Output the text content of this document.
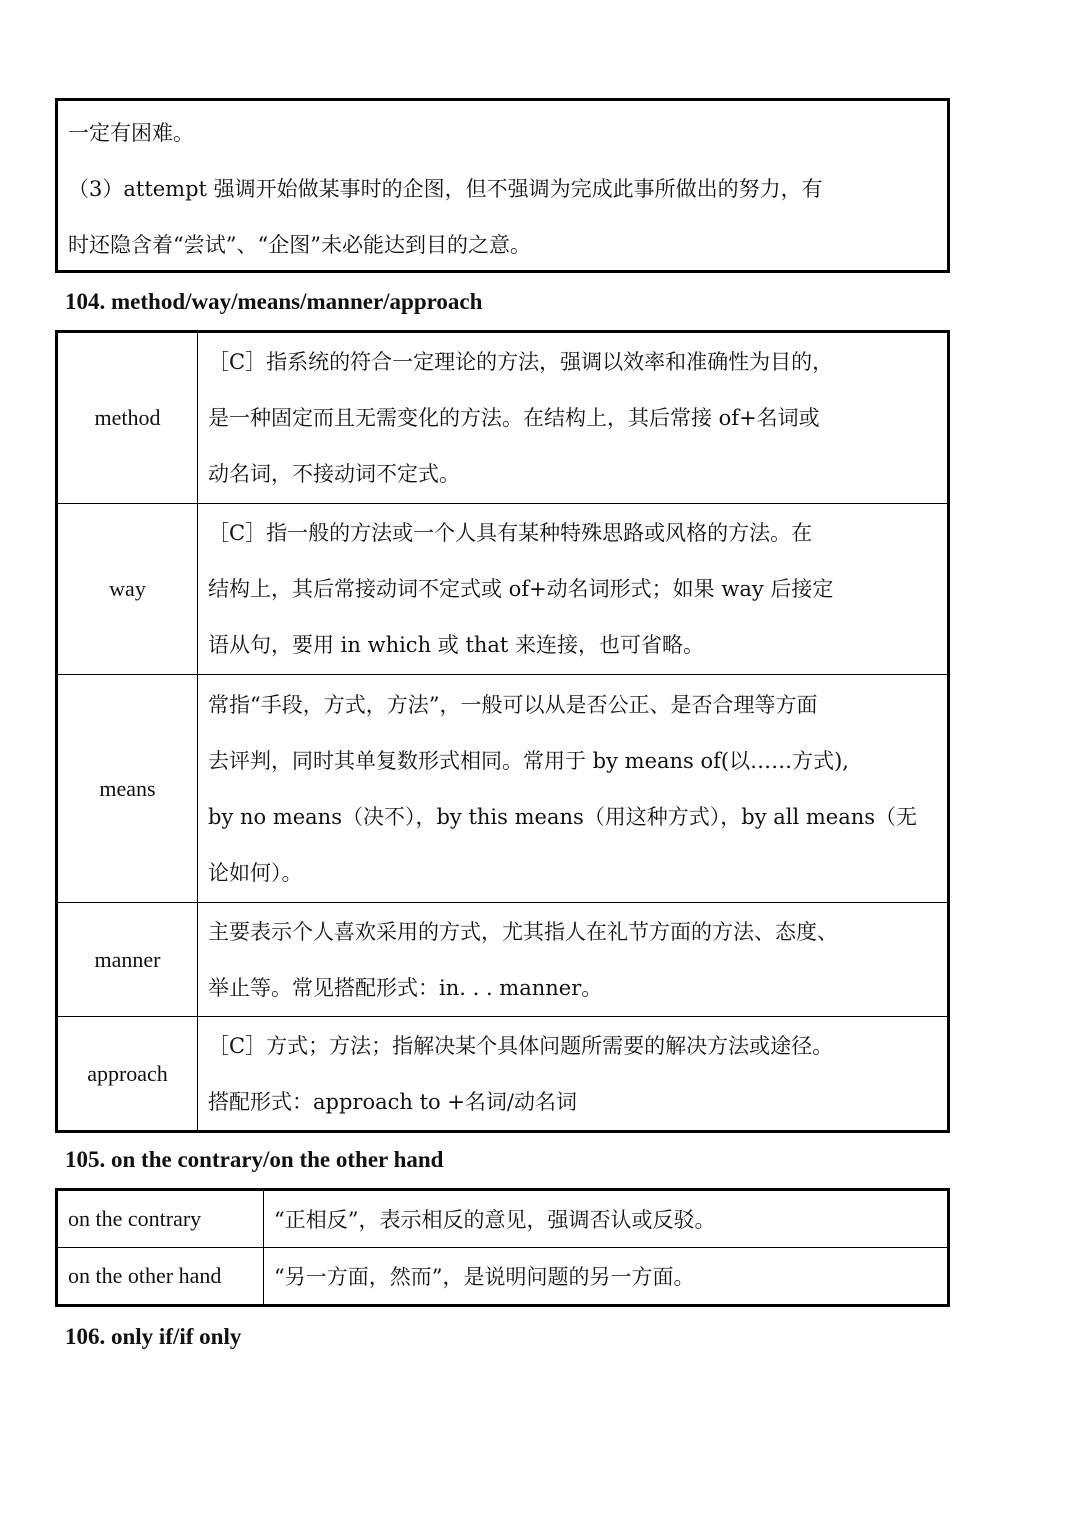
一定有困难。

（3）attempt 强调开始做某事时的企图，但不强调为完成此事所做出的努力，有

时还隐含着“尝试”、“企图”未必能达到目的之意。

104. method/way/means/manner/approach
method	［C］指系统的符合一定理论的方法，强调以效率和准确性为目的，

是一种固定而且无需变化的方法。在结构上，其后常接 of+名词或

动名词，不接动词不定式。

way	［C］指一般的方法或一个人具有某种特殊思路或风格的方法。在

结构上，其后常接动词不定式或 of+动名词形式；如果 way 后接定

语从句，要用 in which 或 that 来连接，也可省略。

means	常指“手段，方式，方法”，一般可以从是否公正、是否合理等方面

去评判，同时其单复数形式相同。常用于 by means of(以……方式),

by no means（决不），by this means（用这种方式），by all means（无

论如何）。

manner	主要表示个人喜欢采用的方式，尤其指人在礼节方面的方法、态度、

举止等。常见搭配形式：in. . . manner。

approach	［C］方式；方法；指解决某个具体问题所需要的解决方法或途径。

搭配形式：approach to +名词/动名词

105. on the contrary/on the other hand
on the contrary	“正相反”，表示相反的意见，强调否认或反驳。
on the other hand	“另一方面，然而”，是说明问题的另一方面。
106. only if/if only
